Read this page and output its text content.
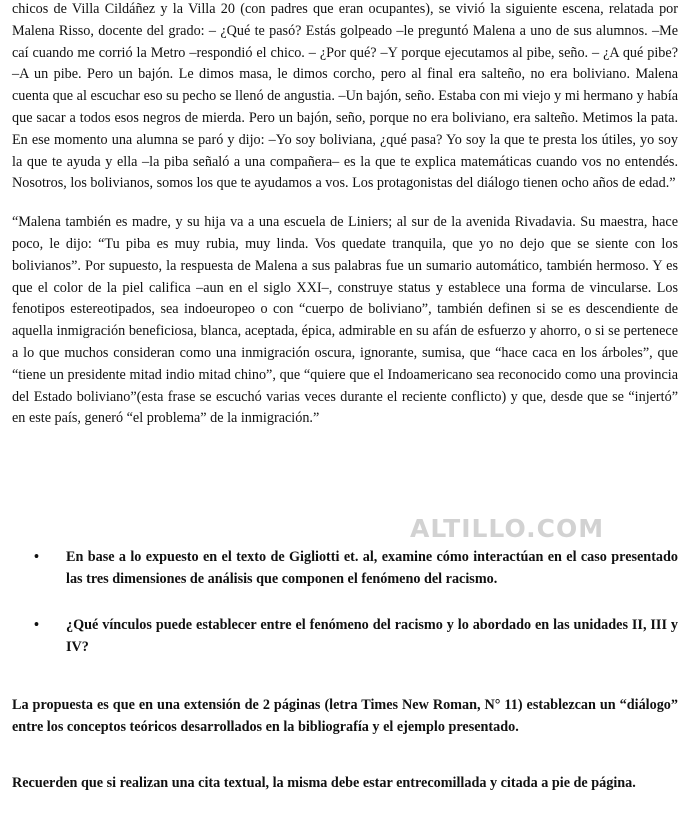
chicos de Villa Cildáñez y la Villa 20 (con padres que eran ocupantes), se vivió la siguiente escena, relatada por Malena Risso, docente del grado: – ¿Qué te pasó? Estás golpeado –le preguntó Malena a uno de sus alumnos. –Me caí cuando me corrió la Metro –respondió el chico. – ¿Por qué? –Y porque ejecutamos al pibe, seño. – ¿A qué pibe? –A un pibe. Pero un bajón. Le dimos masa, le dimos corcho, pero al final era salteño, no era boliviano. Malena cuenta que al escuchar eso su pecho se llenó de angustia. –Un bajón, seño. Estaba con mi viejo y mi hermano y había que sacar a todos esos negros de mierda. Pero un bajón, seño, porque no era boliviano, era salteño. Metimos la pata. En ese momento una alumna se paró y dijo: –Yo soy boliviana, ¿qué pasa? Yo soy la que te presta los útiles, yo soy la que te ayuda y ella –la piba señaló a una compañera– es la que te explica matemáticas cuando vos no entendés. Nosotros, los bolivianos, somos los que te ayudamos a vos. Los protagonistas del diálogo tienen ocho años de edad.”

“Malena también es madre, y su hija va a una escuela de Liniers; al sur de la avenida Rivadavia. Su maestra, hace poco, le dijo: “Tu piba es muy rubia, muy linda. Vos quedate tranquila, que yo no dejo que se siente con los bolivianos”. Por supuesto, la respuesta de Malena a sus palabras fue un sumario automático, también hermoso. Y es que el color de la piel califica –aun en el siglo XXI–, construye status y establece una forma de vincularse. Los fenotipos estereotipados, sea indoeuropeo o con “cuerpo de boliviano”, también definen si se es descendiente de aquella inmigración beneficiosa, blanca, aceptada, épica, admirable en su afán de esfuerzo y ahorro, o si se pertenece a lo que muchos consideran como una inmigración oscura, ignorante, sumisa, que “hace caca en los árboles”, que “tiene un presidente mitad indio mitad chino”, que “quiere que el Indoamericano sea reconocido como una provincia del Estado boliviano”(esta frase se escuchó varias veces durante el reciente conflicto) y que, desde que se “injertó” en este país, generó “el problema” de la inmigración.”

ALTILLO.COM
• En base a lo expuesto en el texto de Gigliotti et. al, examine cómo interactúan en el caso presentado las tres dimensiones de análisis que componen el fenómeno del racismo.
• ¿Qué vínculos puede establecer entre el fenómeno del racismo y lo abordado en las unidades II, III y IV?

La propuesta es que en una extensión de 2 páginas (letra Times New Roman, N° 11) establezcan un “diálogo” entre los conceptos teóricos desarrollados en la bibliografía y el ejemplo presentado.

Recuerden que si realizan una cita textual, la misma debe estar entrecomillada y citada a pie de página.
